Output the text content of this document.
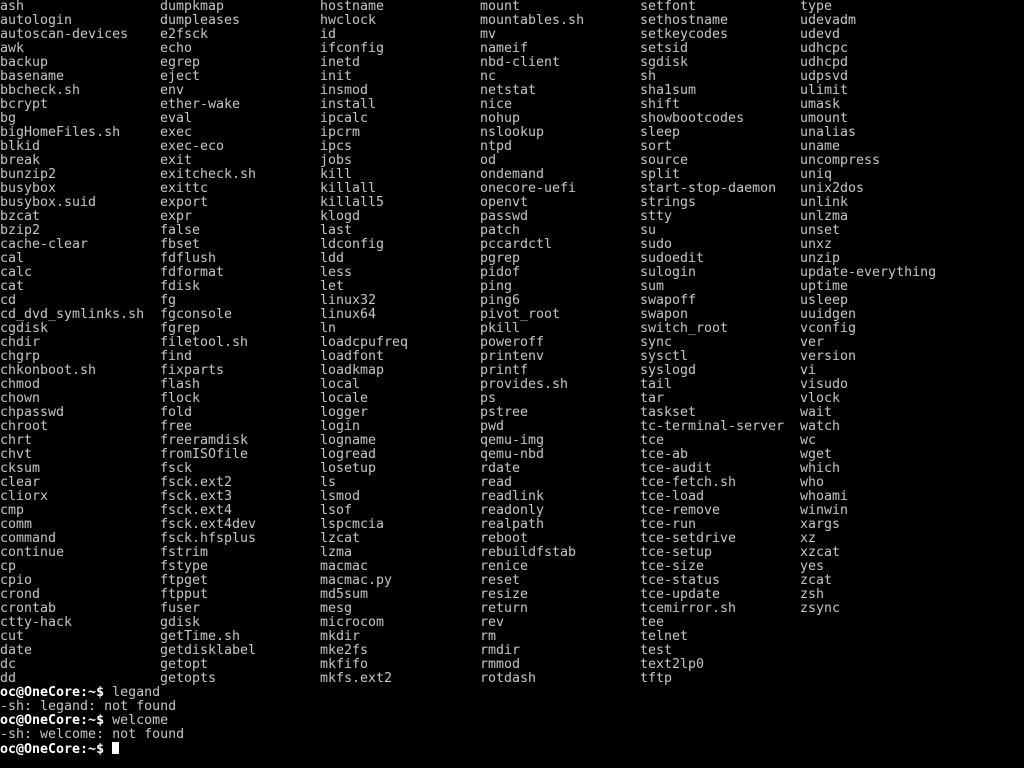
ash
autologin
autoscan-devices
awk
backup
basename
bbcheck.sh
bcrypt
bg
bigHomeFiles.sh
blkid
break
bunzip2
busybox
busybox.suid
bzcat
bzip2
cache-clear
cal
calc
cat
cd
cd_dvd_symlinks.sh
cgdisk
chdir
chgrp
chkonboot.sh
chmod
chown
chpasswd
chroot
chrt
chvt
cksum
clear
cliorx
cmp
comm
command
continue
cp
cpio
crond
crontab
ctty-hack
cut
date
dc
dd
dumpkmap
dumpleases
e2fsck
echo
egrep
eject
env
ether-wake
eval
exec
exec-eco
exit
exitcheck.sh
exittc
export
expr
false
fbset
fdflush
fdformat
fdisk
fg
fgconsole
fgrep
filetool.sh
find
fixparts
flash
flock
fold
free
freeramdisk
fromISOfile
fsck
fsck.ext2
fsck.ext3
fsck.ext4
fsck.ext4dev
fsck.hfsplus
fstrim
fstype
ftpget
ftpput
fuser
gdisk
getTime.sh
getdisklabel
getopt
getopts
hostname
hwclock
id
ifconfig
inetd
init
insmod
install
ipcalc
ipcrm
ipcs
jobs
kill
killall
killall5
klogd
last
ldconfig
ldd
less
let
linux32
linux64
ln
loadcpufreq
loadfont
loadkmap
local
locale
logger
login
logname
logread
losetup
ls
lsmod
lsof
lspcmcia
lzcat
lzma
macmac
macmac.py
md5sum
mesg
microcom
mkdir
mke2fs
mkfifo
mkfs.ext2
mount
mountables.sh
mv
nameif
nbd-client
nc
netstat
nice
nohup
nslookup
ntpd
od
ondemand
onecore-uefi
openvt
passwd
patch
pccardctl
pgrep
pidof
ping
ping6
pivot_root
pkill
poweroff
printenv
printf
provides.sh
ps
pstree
pwd
qemu-img
qemu-nbd
rdate
read
readlink
readonly
realpath
reboot
rebuildfstab
renice
reset
resize
return
rev
rm
rmdir
rmmod
rotdash
setfont
sethostname
setkeycodes
setsid
sgdisk
sh
sha1sum
shift
showbootcodes
sleep
sort
source
split
start-stop-daemon
strings
stty
su
sudo
sudoedit
sulogin
sum
swapoff
swapon
switch_root
sync
sysctl
syslogd
tail
tar
taskset
tc-terminal-server
tce
tce-ab
tce-audit
tce-fetch.sh
tce-load
tce-remove
tce-run
tce-setdrive
tce-setup
tce-size
tce-status
tce-update
tcemirror.sh
tee
telnet
test
text2lp0
tftp
type
udevadm
udevd
udhcpc
udhcpd
udpsvd
ulimit
umask
umount
unalias
uname
uncompress
uniq
unix2dos
unlink
unlzma
unset
unxz
unzip
update-everything
uptime
usleep
uuidgen
vconfig
ver
version
vi
visudo
vlock
wait
watch
wc
wget
which
who
whoami
winwin
xargs
xz
xzcat
yes
zcat
zsh
zsync
oc@OneCore:~$ legand
-sh: legand: not found
oc@OneCore:~$ welcome
-sh: welcome: not found
oc@OneCore:~$
